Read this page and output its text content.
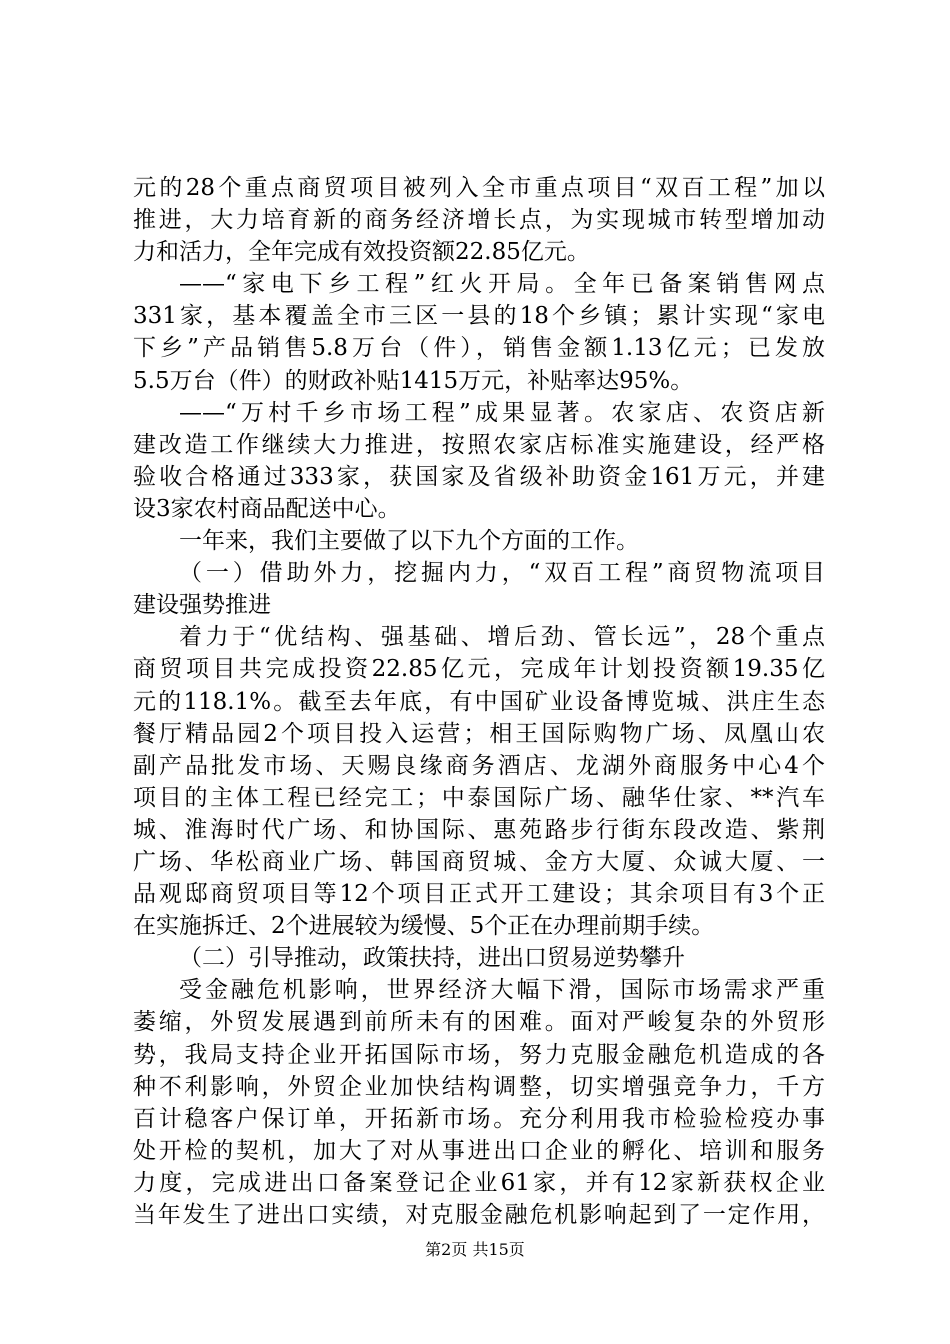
元的28个重点商贸项目被列入全市重点项目“双百工程”加以
推进，大力培育新的商务经济增长点，为实现城市转型增加动
力和活力，全年完成有效投资额22.85亿元。
——“家电下乡工程”红火开局。全年已备案销售网点
331家，基本覆盖全市三区一县的18个乡镇；累计实现“家电
下乡”产品销售5.8万台（件），销售金额1.13亿元；已发放
5.5万台（件）的财政补贴1415万元，补贴率达95%。
——“万村千乡市场工程”成果显著。农家店、农资店新
建改造工作继续大力推进，按照农家店标准实施建设，经严格
验收合格通过333家，获国家及省级补助资金161万元，并建
设3家农村商品配送中心。
一年来，我们主要做了以下九个方面的工作。
（一）借助外力，挖掘内力，“双百工程”商贸物流项目
建设强势推进
着力于“优结构、强基础、增后劲、管长远”，28个重点
商贸项目共完成投资22.85亿元，完成年计划投资额19.35亿
元的118.1%。截至去年底，有中国矿业设备博览城、洪庄生态
餐厅精品园2个项目投入运营；相王国际购物广场、凤凰山农
副产品批发市场、天赐良缘商务酒店、龙湖外商服务中心4个
项目的主体工程已经完工；中泰国际广场、融华仕家、**汽车
城、淮海时代广场、和协国际、惠苑路步行街东段改造、紫荆
广场、华松商业广场、韩国商贸城、金方大厦、众诚大厦、一
品观邸商贸项目等12个项目正式开工建设；其余项目有3个正
在实施拆迁、2个进展较为缓慢、5个正在办理前期手续。
（二）引导推动，政策扶持，进出口贸易逆势攀升
受金融危机影响，世界经济大幅下滑，国际市场需求严重
萎缩，外贸发展遇到前所未有的困难。面对严峻复杂的外贸形
势，我局支持企业开拓国际市场，努力克服金融危机造成的各
种不利影响，外贸企业加快结构调整，切实增强竞争力，千方
百计稳客户保订单，开拓新市场。充分利用我市检验检疫办事
处开检的契机，加大了对从事进出口企业的孵化、培训和服务
力度，完成进出口备案登记企业61家，并有12家新获权企业
当年发生了进出口实绩，对克服金融危机影响起到了一定作用，
第2页 共15页
